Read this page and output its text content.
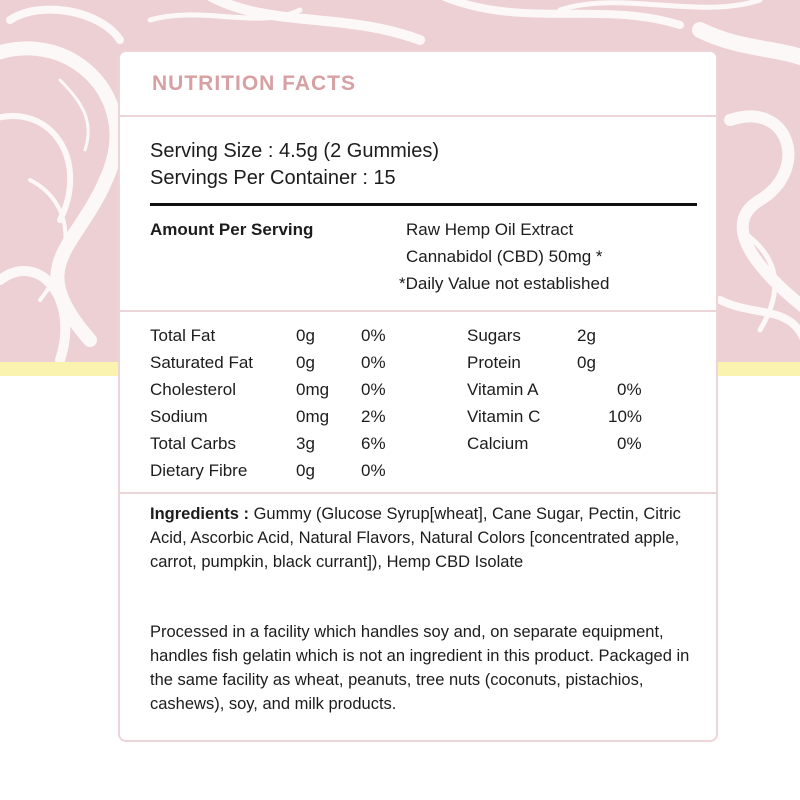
NUTRITION FACTS
Serving Size : 4.5g (2 Gummies)
Servings Per Container : 15
Amount Per Serving	Raw Hemp Oil Extract
Cannabidol (CBD) 50mg *
*Daily Value not established
Total Fat	0g	0%
Saturated Fat	0g	0%
Cholesterol	0mg 0%
Sodium	0mg 2%
Total Carbs	3g	6%
Dietary Fibre	0g	0%
Sugars	2g
Protein	0g
Vitamin A	0%
Vitamin C	10%
Calcium	0%
Ingredients : Gummy (Glucose Syrup[wheat], Cane Sugar, Pectin, Citric Acid, Ascorbic Acid, Natural Flavors, Natural Colors [concentrated apple, carrot, pumpkin, black currant]), Hemp CBD Isolate
Processed in a facility which handles soy and, on separate equipment, handles fish gelatin which is not an ingredient in this product. Packaged in the same facility as wheat, peanuts, tree nuts (coconuts, pistachios, cashews), soy, and milk products.
